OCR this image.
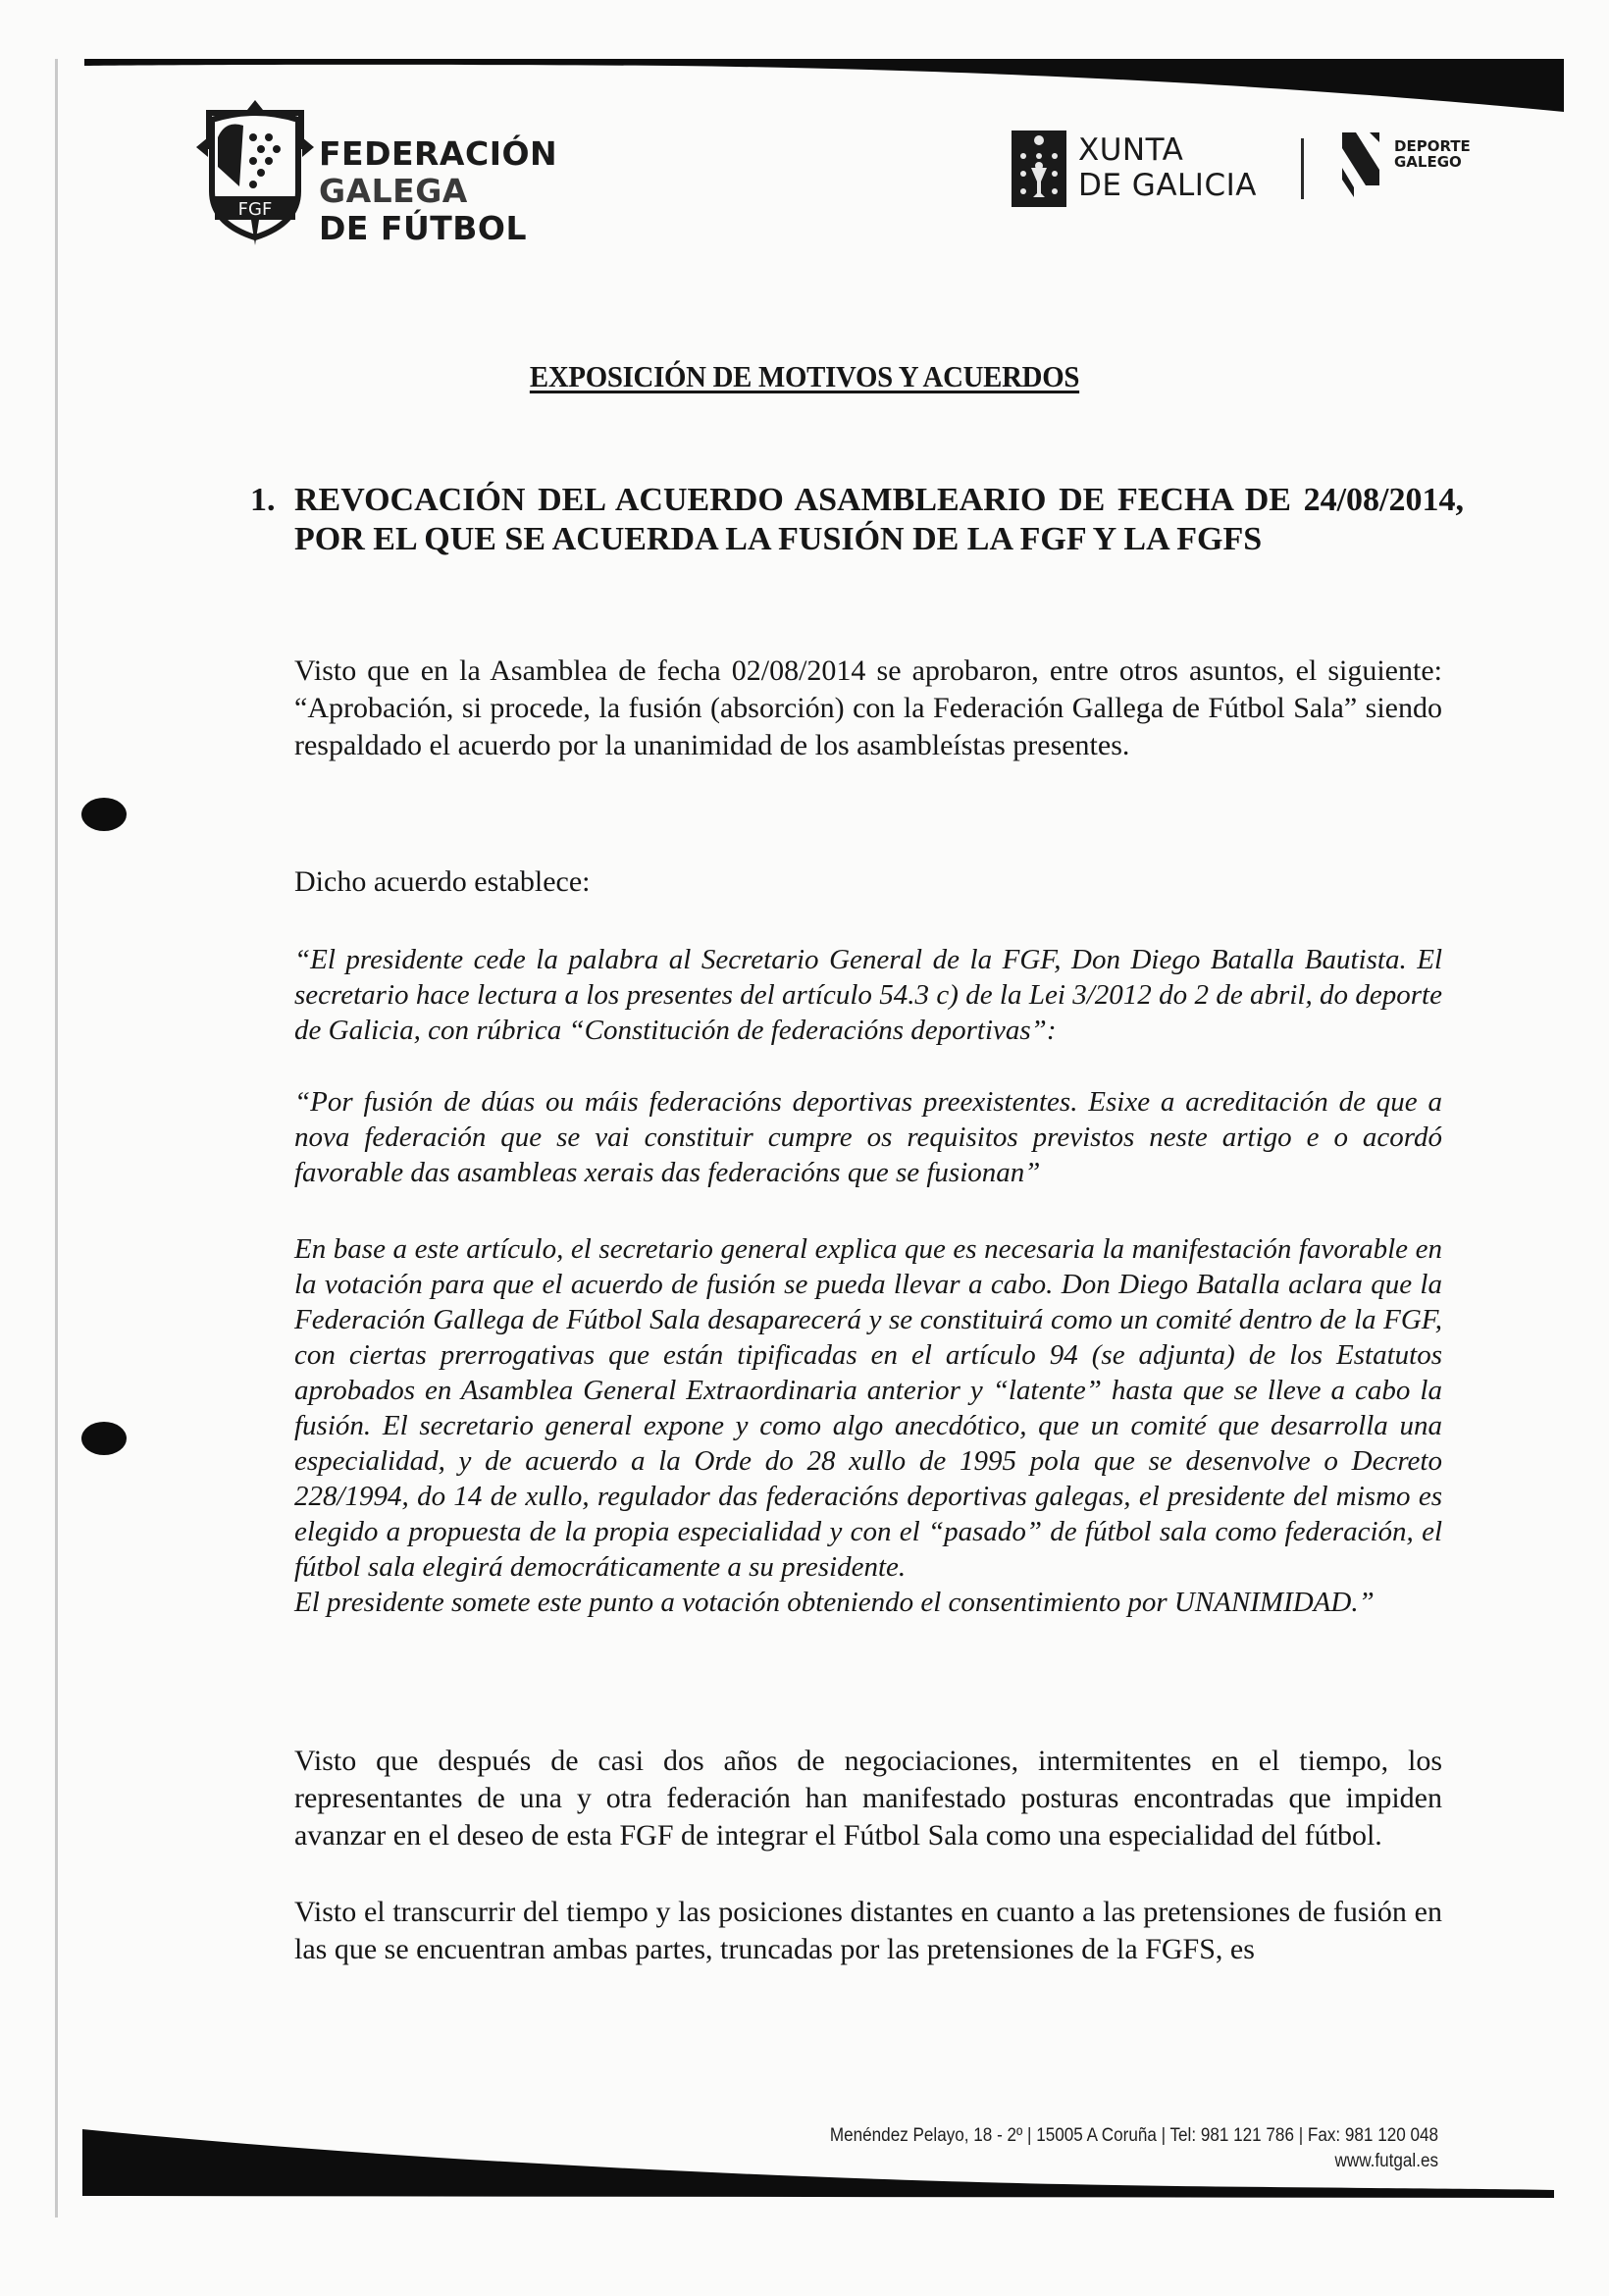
FGF
FEDERACIÓN GALEGA
DE FÚTBOL
XUNTA
DE GALICIA
DEPORTE
GALEGO
EXPOSICIÓN DE MOTIVOS Y ACUERDOS
1. REVOCACIÓN DEL ACUERDO ASAMBLEARIO DE FECHA DE 24/08/2014,
POR EL QUE SE ACUERDA LA FUSIÓN DE LA FGF Y LA FGFS

Visto que en la Asamblea de fecha 02/08/2014 se aprobaron, entre otros asuntos, el siguiente: “Aprobación, si procede, la fusión (absorción) con la Federación Gallega de Fútbol Sala” siendo respaldado el acuerdo por la unanimidad de los asambleístas presentes.

Dicho acuerdo establece:

“El presidente cede la palabra al Secretario General de la FGF, Don Diego Batalla Bautista. El secretario hace lectura a los presentes del artículo 54.3 c) de la Lei 3/2012 do 2 de abril, do deporte de Galicia, con rúbrica “Constitución de federacións deportivas”:

“Por fusión de dúas ou máis federacións deportivas preexistentes. Esixe a acreditación de que a nova federación que se vai constituir cumpre os requisitos previstos neste artigo e o acordó favorable das asambleas xerais das federacións que se fusionan”

En base a este artículo, el secretario general explica que es necesaria la manifestación favorable en la votación para que el acuerdo de fusión se pueda llevar a cabo. Don Diego Batalla aclara que la Federación Gallega de Fútbol Sala desaparecerá y se constituirá como un comité dentro de la FGF, con ciertas prerrogativas que están tipificadas en el artículo 94 (se adjunta) de los Estatutos aprobados en Asamblea General Extraordinaria anterior y “latente” hasta que se lleve a cabo la fusión. El secretario general expone y como algo anecdótico, que un comité que desarrolla una especialidad, y de acuerdo a la Orde do 28 xullo de 1995 pola que se desenvolve o Decreto 228/1994, do 14 de xullo, regulador das federacións deportivas galegas, el presidente del mismo es elegido a propuesta de la propia especialidad y con el “pasado” de fútbol sala como federación, el fútbol sala elegirá democráticamente a su presidente.

El presidente somete este punto a votación obteniendo el consentimiento por UNANIMIDAD.”

Visto que después de casi dos años de negociaciones, intermitentes en el tiempo, los representantes de una y otra federación han manifestado posturas encontradas que impiden avanzar en el deseo de esta FGF de integrar el Fútbol Sala como una especialidad del fútbol.

Visto el transcurrir del tiempo y las posiciones distantes en cuanto a las pretensiones de fusión en las que se encuentran ambas partes, truncadas por las pretensiones de la FGFS, es

Menéndez Pelayo, 18 - 2º | 15005 A Coruña | Tel: 981 121 786 | Fax: 981 120 048
www.futgal.es
